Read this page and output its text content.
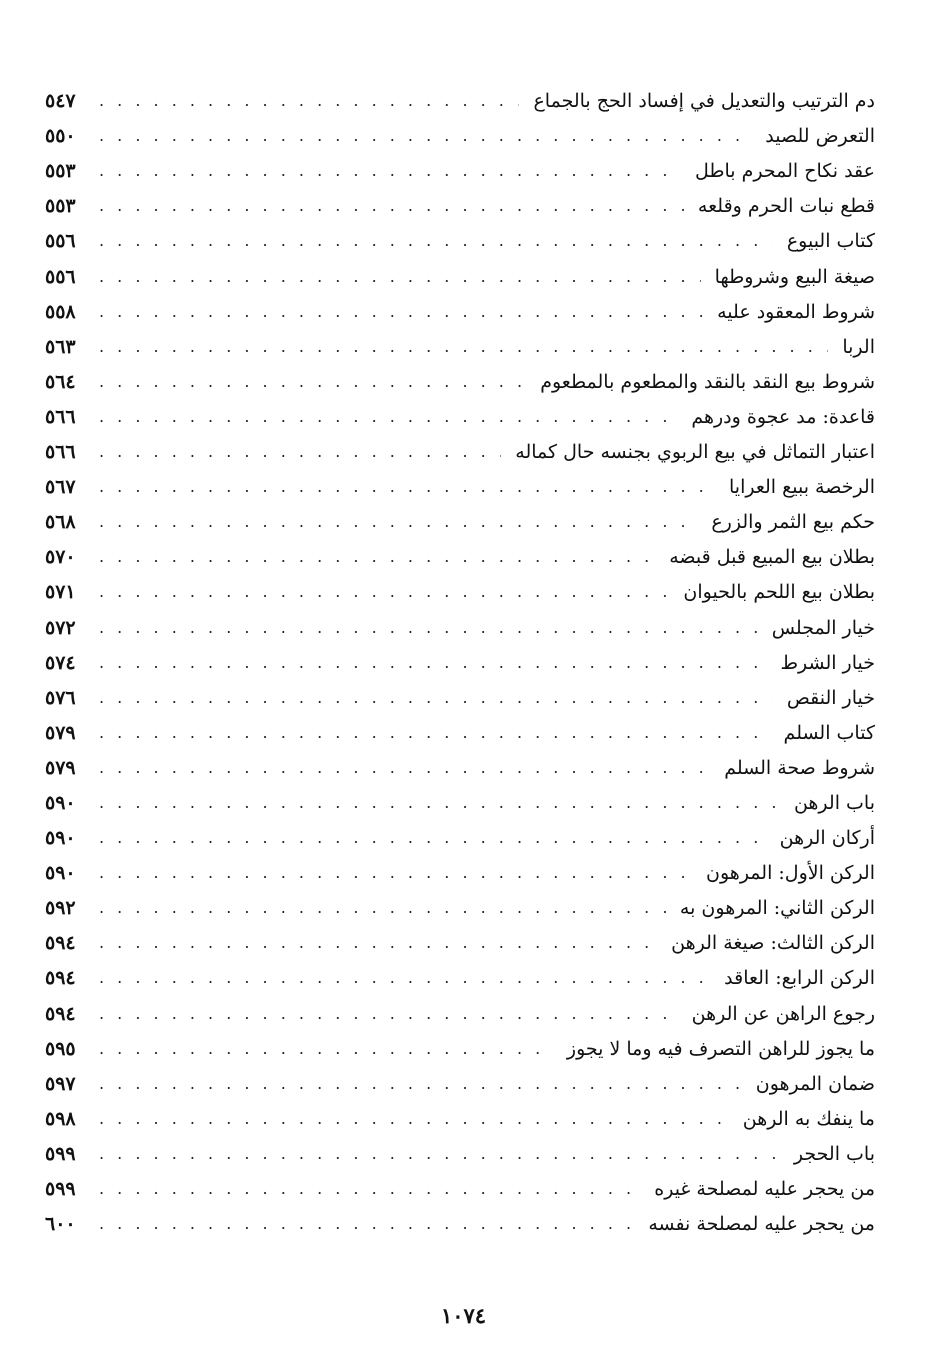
دم الترتيب والتعديل في إفساد الحج بالجماع
. . .
٥٤٧
التعرض للصيد
. . .
٥٥٠
عقد نكاح المحرم باطل
. . .
٥٥٣
قطع نبات الحرم وقلعه
. . .
٥٥٣
كتاب البيوع
. . .
٥٥٦
صيغة البيع وشروطها
. . .
٥٥٦
شروط المعقود عليه
. . .
٥٥٨
الربا
. . .
٥٦٣
شروط بيع النقد بالنقد والمطعوم بالمطعوم
. . .
٥٦٤
قاعدة: مد عجوة ودرهم
. . .
٥٦٦
اعتبار التماثل في بيع الربوي بجنسه حال كماله
. . .
٥٦٦
الرخصة ببيع العرايا
. . .
٥٦٧
حكم بيع الثمر والزرع
. . .
٥٦٨
بطلان بيع المبيع قبل قبضه
. . .
٥٧٠
بطلان بيع اللحم بالحيوان
. . .
٥٧١
خيار المجلس
. . .
٥٧٢
خيار الشرط
. . .
٥٧٤
خيار النقص
. . .
٥٧٦
كتاب السلم
. . .
٥٧٩
شروط صحة السلم
. . .
٥٧٩
باب الرهن
. . .
٥٩٠
أركان الرهن
. . .
٥٩٠
الركن الأول: المرهون
. . .
٥٩٠
الركن الثاني: المرهون به
. . .
٥٩٢
الركن الثالث: صيغة الرهن
. . .
٥٩٤
الركن الرابع: العاقد
. . .
٥٩٤
رجوع الراهن عن الرهن
. . .
٥٩٤
ما يجوز للراهن التصرف فيه وما لا يجوز
. . .
٥٩٥
ضمان المرهون
. . .
٥٩٧
ما ينفك به الرهن
. . .
٥٩٨
باب الحجر
. . .
٥٩٩
من يحجر عليه لمصلحة غيره
. . .
٥٩٩
من يحجر عليه لمصلحة نفسه
. . .
٦٠٠
١٠٧٤
